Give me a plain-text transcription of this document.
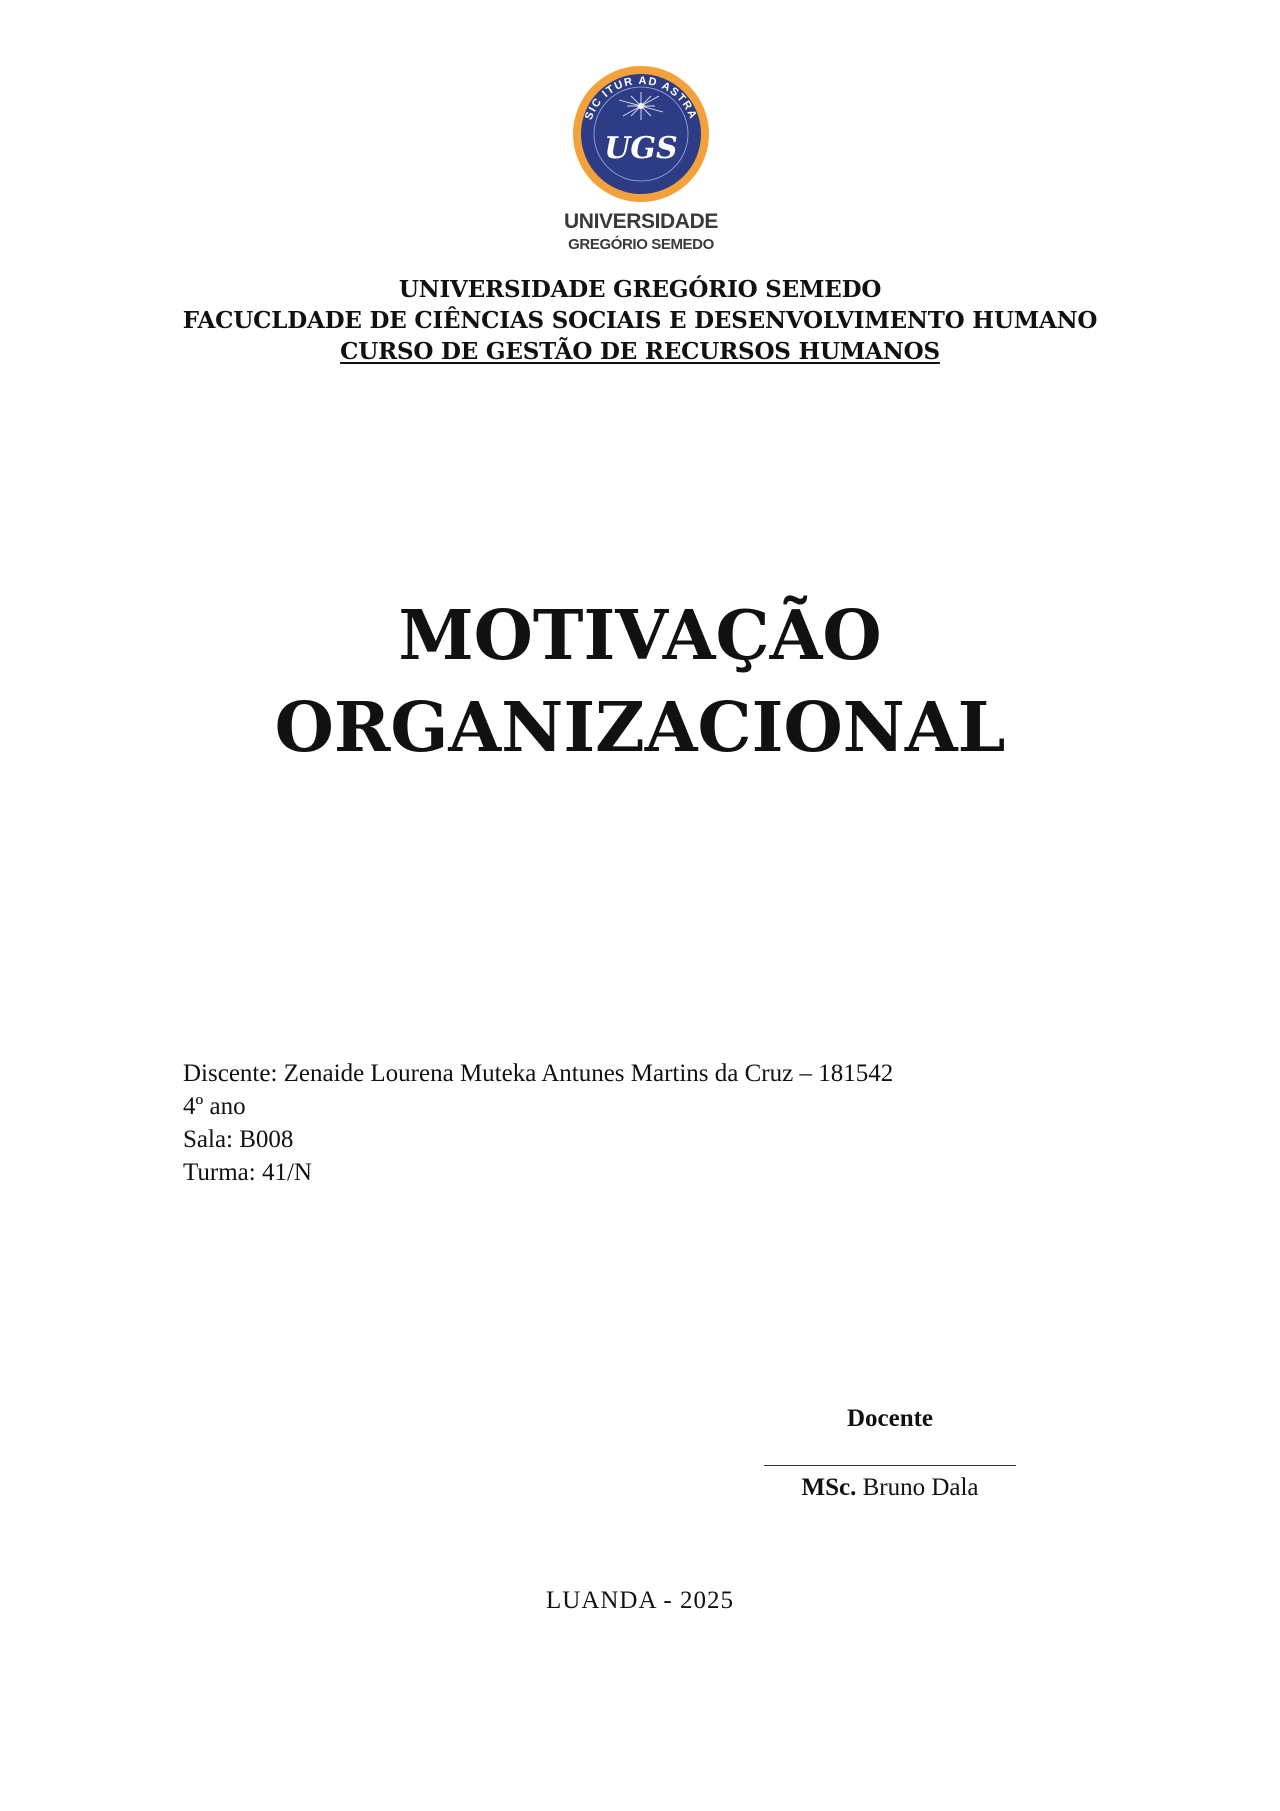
SIC ITUR AD ASTRA
UGS
UNIVERSIDADE
GREGÓRIO SEMEDO
UNIVERSIDADE GREGÓRIO SEMEDO
FACUCLDADE DE CIÊNCIAS SOCIAIS E DESENVOLVIMENTO HUMANO
CURSO DE GESTÃO DE RECURSOS HUMANOS
MOTIVAÇÃO
ORGANIZACIONAL
Discente: Zenaide Lourena Muteka Antunes Martins da Cruz – 181542
4º ano
Sala: B008
Turma: 41/N
Docente
MSc. Bruno Dala
LUANDA - 2025
